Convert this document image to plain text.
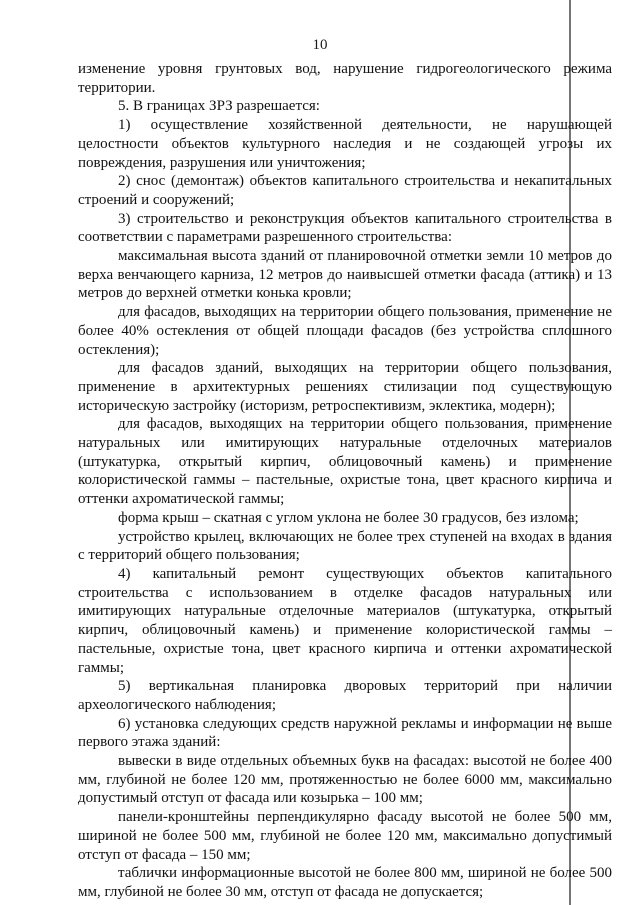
10

изменение уровня грунтовых вод, нарушение гидрогеологического режима территории.

5. В границах ЗРЗ разрешается:

1) осуществление хозяйственной деятельности, не нарушающей целостности объектов культурного наследия и не создающей угрозы их повреждения, разрушения или уничтожения;

2) снос (демонтаж) объектов капитального строительства и некапитальных строений и сооружений;

3) строительство и реконструкция объектов капитального строительства в соответствии с параметрами разрешенного строительства:

максимальная высота зданий от планировочной отметки земли 10 метров до верха венчающего карниза, 12 метров до наивысшей отметки фасада (аттика) и 13 метров до верхней отметки конька кровли;

для фасадов, выходящих на территории общего пользования, применение не более 40% остекления от общей площади фасадов (без устройства сплошного остекления);

для фасадов зданий, выходящих на территории общего пользования, применение в архитектурных решениях стилизации под существующую историческую застройку (историзм, ретроспективизм, эклектика, модерн);

для фасадов, выходящих на территории общего пользования, применение натуральных или имитирующих натуральные отделочных материалов (штукатурка, открытый кирпич, облицовочный камень) и применение колористической гаммы – пастельные, охристые тона, цвет красного кирпича и оттенки ахроматической гаммы;

форма крыш – скатная с углом уклона не более 30 градусов, без излома;

устройство крылец, включающих не более трех ступеней на входах в здания с территорий общего пользования;

4) капитальный ремонт существующих объектов капитального строительства с использованием в отделке фасадов натуральных или имитирующих натуральные отделочные материалов (штукатурка, открытый кирпич, облицовочный камень) и применение колористической гаммы – пастельные, охристые тона, цвет красного кирпича и оттенки ахроматической гаммы;

5) вертикальная планировка дворовых территорий при наличии археологического наблюдения;

6) установка следующих средств наружной рекламы и информации не выше первого этажа зданий:

вывески в виде отдельных объемных букв на фасадах: высотой не более 400 мм, глубиной не более 120 мм, протяженностью не более 6000 мм, максимально допустимый отступ от фасада или козырька – 100 мм;

панели-кронштейны перпендикулярно фасаду высотой не более 500 мм, шириной не более 500 мм, глубиной не более 120 мм, максимально допустимый отступ от фасада – 150 мм;

таблички информационные высотой не более 800 мм, шириной не более 500 мм, глубиной не более 30 мм, отступ от фасада не допускается;
